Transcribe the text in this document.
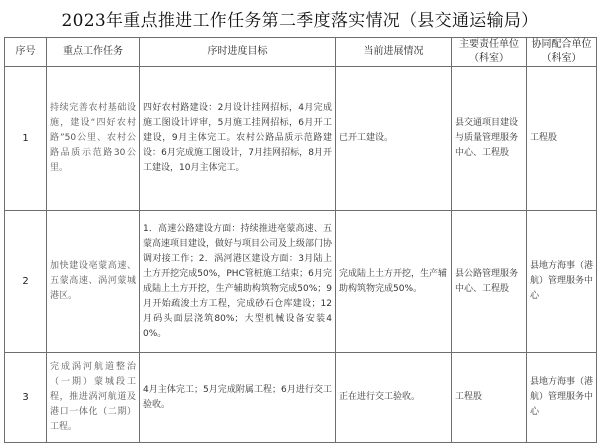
2023年重点推进工作任务第二季度落实情况（县交通运输局）
序号	重点工作任务	序时进度目标	当前进展情况	主要责任单位（科室）	协同配合单位（科室）
1	持续完善农村基础设施，建设“四好农村路”50公里、农村公路品质示范路30公里。	四好农村路建设：2月设计挂网招标，4月完成施工图设计评审，5月施工挂网招标，6月开工建设，9月主体完工。农村公路品质示范路建设：6月完成施工图设计，7月挂网招标，8月开工建设，10月主体完工。	已开工建设。	县交通项目建设与质量管理服务中心、工程股	工程股
2	加快建设亳蒙高速、五蒙高速、涡河蒙城港区。	1．高速公路建设方面：持续推进亳蒙高速、五蒙高速项目建设，做好与项目公司及上级部门协调对接工作；2．涡河港区建设方面：3月陆上土方开挖完成50%，PHC管桩施工结束；6月完成陆上土方开挖，生产辅助构筑物完成50%；9月开始疏浚土方工程，完成砂石仓库建设；12月码头面层浇筑80%；大型机械设备安装40%。	完成陆上土方开挖，生产辅助构筑物完成50%。	县公路管理服务中心、工程股	县地方海事（港航）管理服务中心
3	完成涡河航道整治（一期）蒙城段工程，推进涡河航道及港口一体化（二期）工程。	4月主体完工；5月完成附属工程；6月进行交工验收。	正在进行交工验收。	工程股	县地方海事（港航）管理服务中心
